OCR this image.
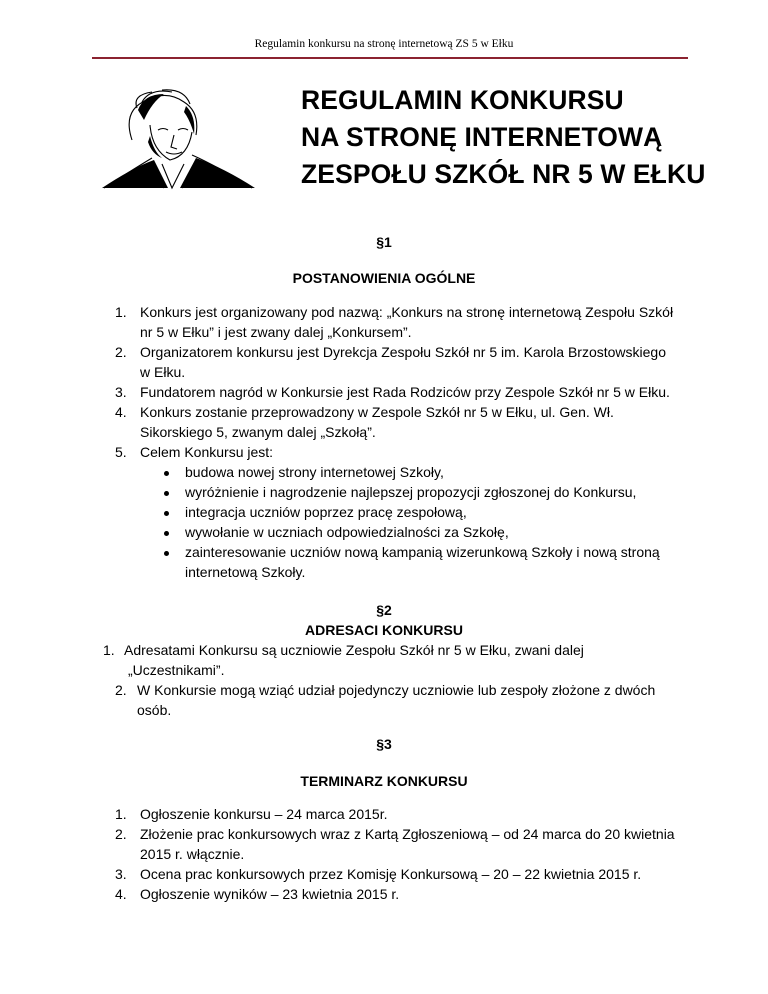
Regulamin konkursu na stronę internetową ZS 5 w Ełku
REGULAMIN KONKURSU
NA STRONĘ INTERNETOWĄ
ZESPOŁU SZKÓŁ NR 5 W EŁKU
§1
POSTANOWIENIA OGÓLNE
1. Konkurs jest organizowany pod nazwą: „Konkurs na stronę internetową Zespołu Szkół
nr 5 w Ełku” i jest zwany dalej „Konkursem”.
2. Organizatorem konkursu jest Dyrekcja Zespołu Szkół nr 5 im. Karola Brzostowskiego
w Ełku.
3. Fundatorem nagród w Konkursie jest Rada Rodziców przy Zespole Szkół nr 5 w Ełku.
4. Konkurs zostanie przeprowadzony w Zespole Szkół nr 5 w Ełku, ul. Gen. Wł.
Sikorskiego 5, zwanym dalej „Szkołą”.
5. Celem Konkursu jest:
budowa nowej strony internetowej Szkoły,
wyróżnienie i nagrodzenie najlepszej propozycji zgłoszonej do Konkursu,
integracja uczniów poprzez pracę zespołową,
wywołanie w uczniach odpowiedzialności za Szkołę,
zainteresowanie uczniów nową kampanią wizerunkową Szkoły i nową stroną
internetową Szkoły.
§2
ADRESACI KONKURSU
1. Adresatami Konkursu są uczniowie Zespołu Szkół nr 5 w Ełku, zwani dalej
„Uczestnikami”.
2. W Konkursie mogą wziąć udział pojedynczy uczniowie lub zespoły złożone z dwóch
osób.
§3
TERMINARZ KONKURSU
1. Ogłoszenie konkursu – 24 marca 2015r.
2. Złożenie prac konkursowych wraz z Kartą Zgłoszeniową – od 24 marca do 20 kwietnia
2015 r. włącznie.
3. Ocena prac konkursowych przez Komisję Konkursową – 20 – 22 kwietnia 2015 r.
4. Ogłoszenie wyników – 23 kwietnia 2015 r.
